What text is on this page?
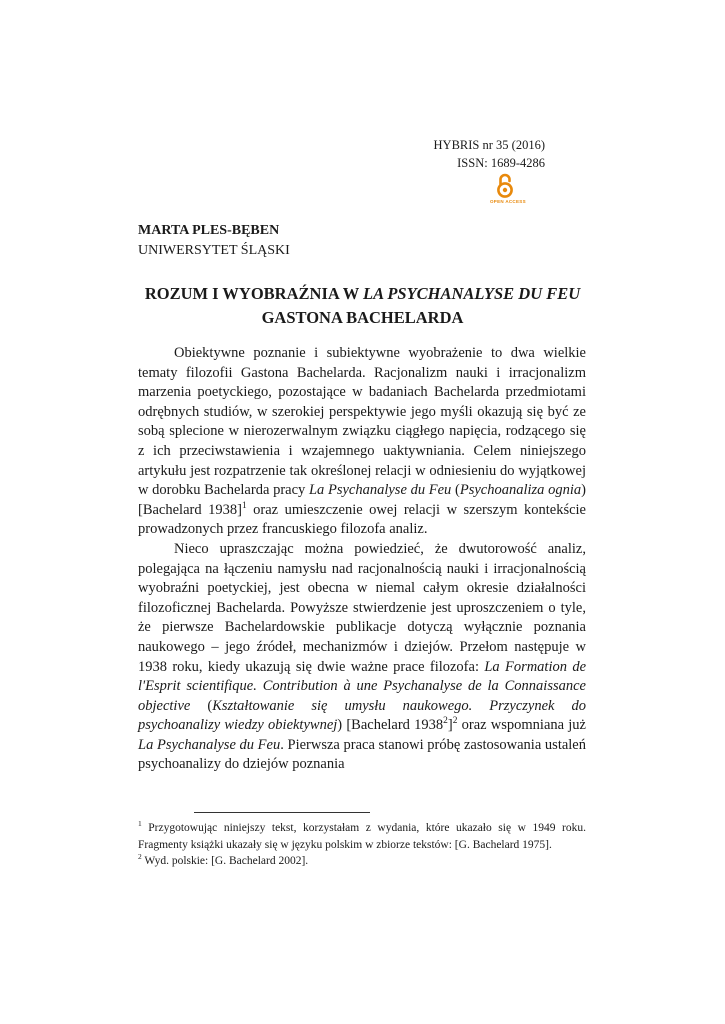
HYBRIS nr 35 (2016)
ISSN: 1689-4286
OPEN ACCESS
MARTA PLES-BĘBEN
UNIWERSYTET ŚLĄSKI
ROZUM I WYOBRAŹNIA W LA PSYCHANALYSE DU FEU
GASTONA BACHELARDA

Obiektywne poznanie i subiektywne wyobrażenie to dwa wielkie tematy filozofii Gastona Bachelarda. Racjonalizm nauki i irracjonalizm marzenia poetyckiego, pozostające w badaniach Bachelarda przedmiotami odrębnych studiów, w szerokiej perspektywie jego myśli okazują się być ze sobą splecione w nierozerwalnym związku ciągłego napięcia, rodzącego się z ich przeciwstawienia i wzajemnego uaktywniania. Celem niniejszego artykułu jest rozpatrzenie tak określonej relacji w odniesieniu do wyjątkowej w dorobku Bachelarda pracy La Psychanalyse du Feu (Psychoanaliza ognia) [Bachelard 1938]$^1$ oraz umieszczenie owej relacji w szerszym kontekście prowadzonych przez francuskiego filozofa analiz.

Nieco upraszczając można powiedzieć, że dwutorowość analiz, polegająca na łączeniu namysłu nad racjonalnością nauki i irracjonalnością wyobraźni poetyckiej, jest obecna w niemal całym okresie działalności filozoficznej Bachelarda. Powyższe stwierdzenie jest uproszczeniem o tyle, że pierwsze Bachelardowskie publikacje dotyczą wyłącznie poznania naukowego – jego źródeł, mechanizmów i dziejów. Przełom następuje w 1938 roku, kiedy ukazują się dwie ważne prace filozofa: La Formation de l'Esprit scientifique. Contribution à une Psychanalyse de la Connaissance objective (Kształtowanie się umysłu naukowego. Przyczynek do psychoanalizy wiedzy obiektywnej) [Bachelard 1938$^2$]$^2$ oraz wspomniana już La Psychanalyse du Feu. Pierwsza praca stanowi próbę zastosowania ustaleń psychoanalizy do dziejów poznania

$^1$ Przygotowując niniejszy tekst, korzystałam z wydania, które ukazało się w 1949 roku. Fragmenty książki ukazały się w języku polskim w zbiorze tekstów: [G. Bachelard 1975].

$^2$ Wyd. polskie: [G. Bachelard 2002].
